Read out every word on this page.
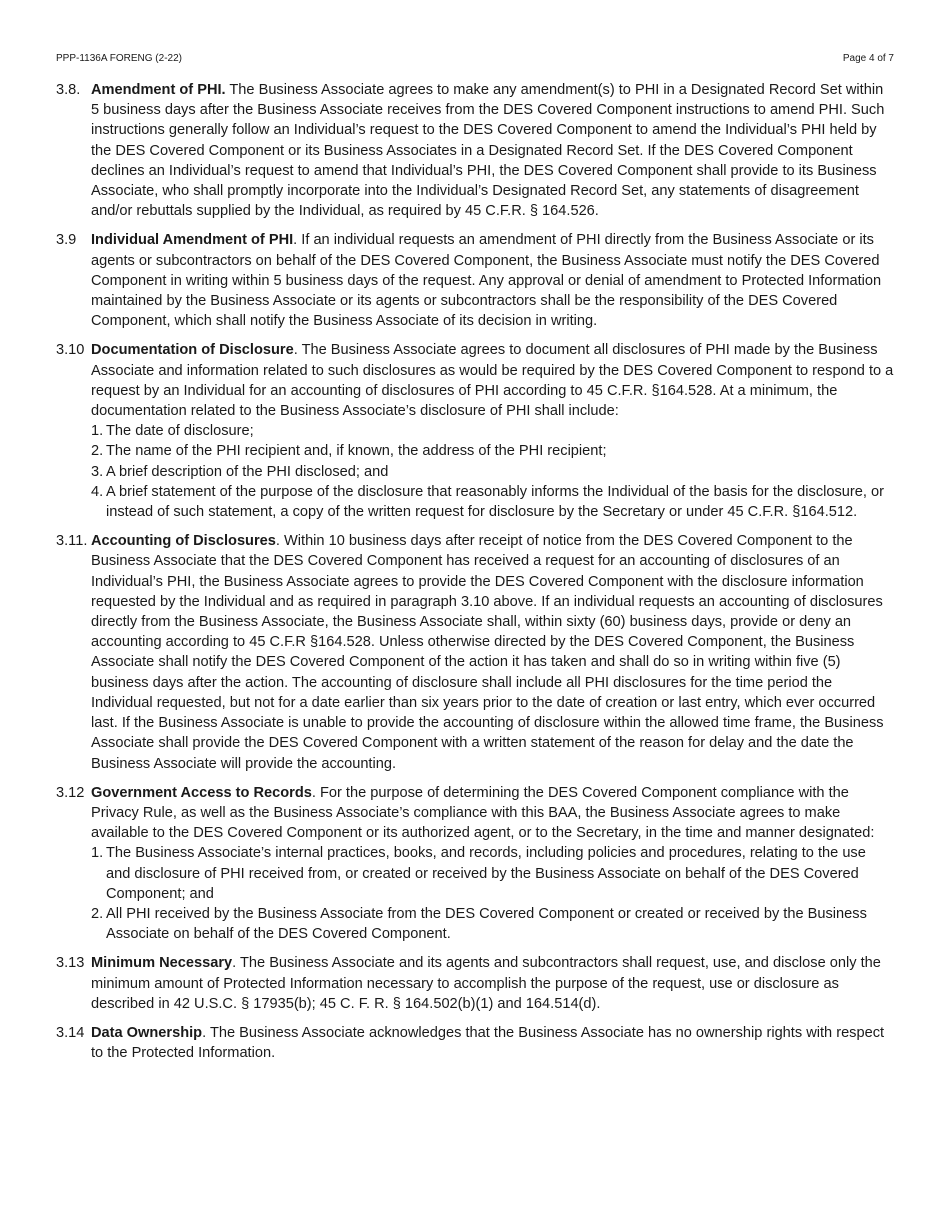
PPP-1136A FORENG (2-22)	Page 4 of 7
3.8. Amendment of PHI. The Business Associate agrees to make any amendment(s) to PHI in a Designated Record Set within 5 business days after the Business Associate receives from the DES Covered Component instructions to amend PHI. Such instructions generally follow an Individual’s request to the DES Covered Component to amend the Individual’s PHI held by the DES Covered Component or its Business Associates in a Designated Record Set. If the DES Covered Component declines an Individual’s request to amend that Individual’s PHI, the DES Covered Component shall provide to its Business Associate, who shall promptly incorporate into the Individual’s Designated Record Set, any statements of disagreement and/or rebuttals supplied by the Individual, as required by 45 C.F.R. § 164.526.
3.9 Individual Amendment of PHI. If an individual requests an amendment of PHI directly from the Business Associate or its agents or subcontractors on behalf of the DES Covered Component, the Business Associate must notify the DES Covered Component in writing within 5 business days of the request. Any approval or denial of amendment to Protected Information maintained by the Business Associate or its agents or subcontractors shall be the responsibility of the DES Covered Component, which shall notify the Business Associate of its decision in writing.
3.10 Documentation of Disclosure. The Business Associate agrees to document all disclosures of PHI made by the Business Associate and information related to such disclosures as would be required by the DES Covered Component to respond to a request by an Individual for an accounting of disclosures of PHI according to 45 C.F.R. §164.528. At a minimum, the documentation related to the Business Associate’s disclosure of PHI shall include:
1. The date of disclosure;
2. The name of the PHI recipient and, if known, the address of the PHI recipient;
3. A brief description of the PHI disclosed; and
4. A brief statement of the purpose of the disclosure that reasonably informs the Individual of the basis for the disclosure, or instead of such statement, a copy of the written request for disclosure by the Secretary or under 45 C.F.R. §164.512.
3.11. Accounting of Disclosures. Within 10 business days after receipt of notice from the DES Covered Component to the Business Associate that the DES Covered Component has received a request for an accounting of disclosures of an Individual’s PHI, the Business Associate agrees to provide the DES Covered Component with the disclosure information requested by the Individual and as required in paragraph 3.10 above. If an individual requests an accounting of disclosures directly from the Business Associate, the Business Associate shall, within sixty (60) business days, provide or deny an accounting according to 45 C.F.R §164.528. Unless otherwise directed by the DES Covered Component, the Business Associate shall notify the DES Covered Component of the action it has taken and shall do so in writing within five (5) business days after the action. The accounting of disclosure shall include all PHI disclosures for the time period the Individual requested, but not for a date earlier than six years prior to the date of creation or last entry, which ever occurred last. If the Business Associate is unable to provide the accounting of disclosure within the allowed time frame, the Business Associate shall provide the DES Covered Component with a written statement of the reason for delay and the date the Business Associate will provide the accounting.
3.12 Government Access to Records. For the purpose of determining the DES Covered Component compliance with the Privacy Rule, as well as the Business Associate’s compliance with this BAA, the Business Associate agrees to make available to the DES Covered Component or its authorized agent, or to the Secretary, in the time and manner designated:
1. The Business Associate’s internal practices, books, and records, including policies and procedures, relating to the use and disclosure of PHI received from, or created or received by the Business Associate on behalf of the DES Covered Component; and
2. All PHI received by the Business Associate from the DES Covered Component or created or received by the Business Associate on behalf of the DES Covered Component.
3.13 Minimum Necessary. The Business Associate and its agents and subcontractors shall request, use, and disclose only the minimum amount of Protected Information necessary to accomplish the purpose of the request, use or disclosure as described in 42 U.S.C. § 17935(b); 45 C. F. R. § 164.502(b)(1) and 164.514(d).
3.14 Data Ownership. The Business Associate acknowledges that the Business Associate has no ownership rights with respect to the Protected Information.
